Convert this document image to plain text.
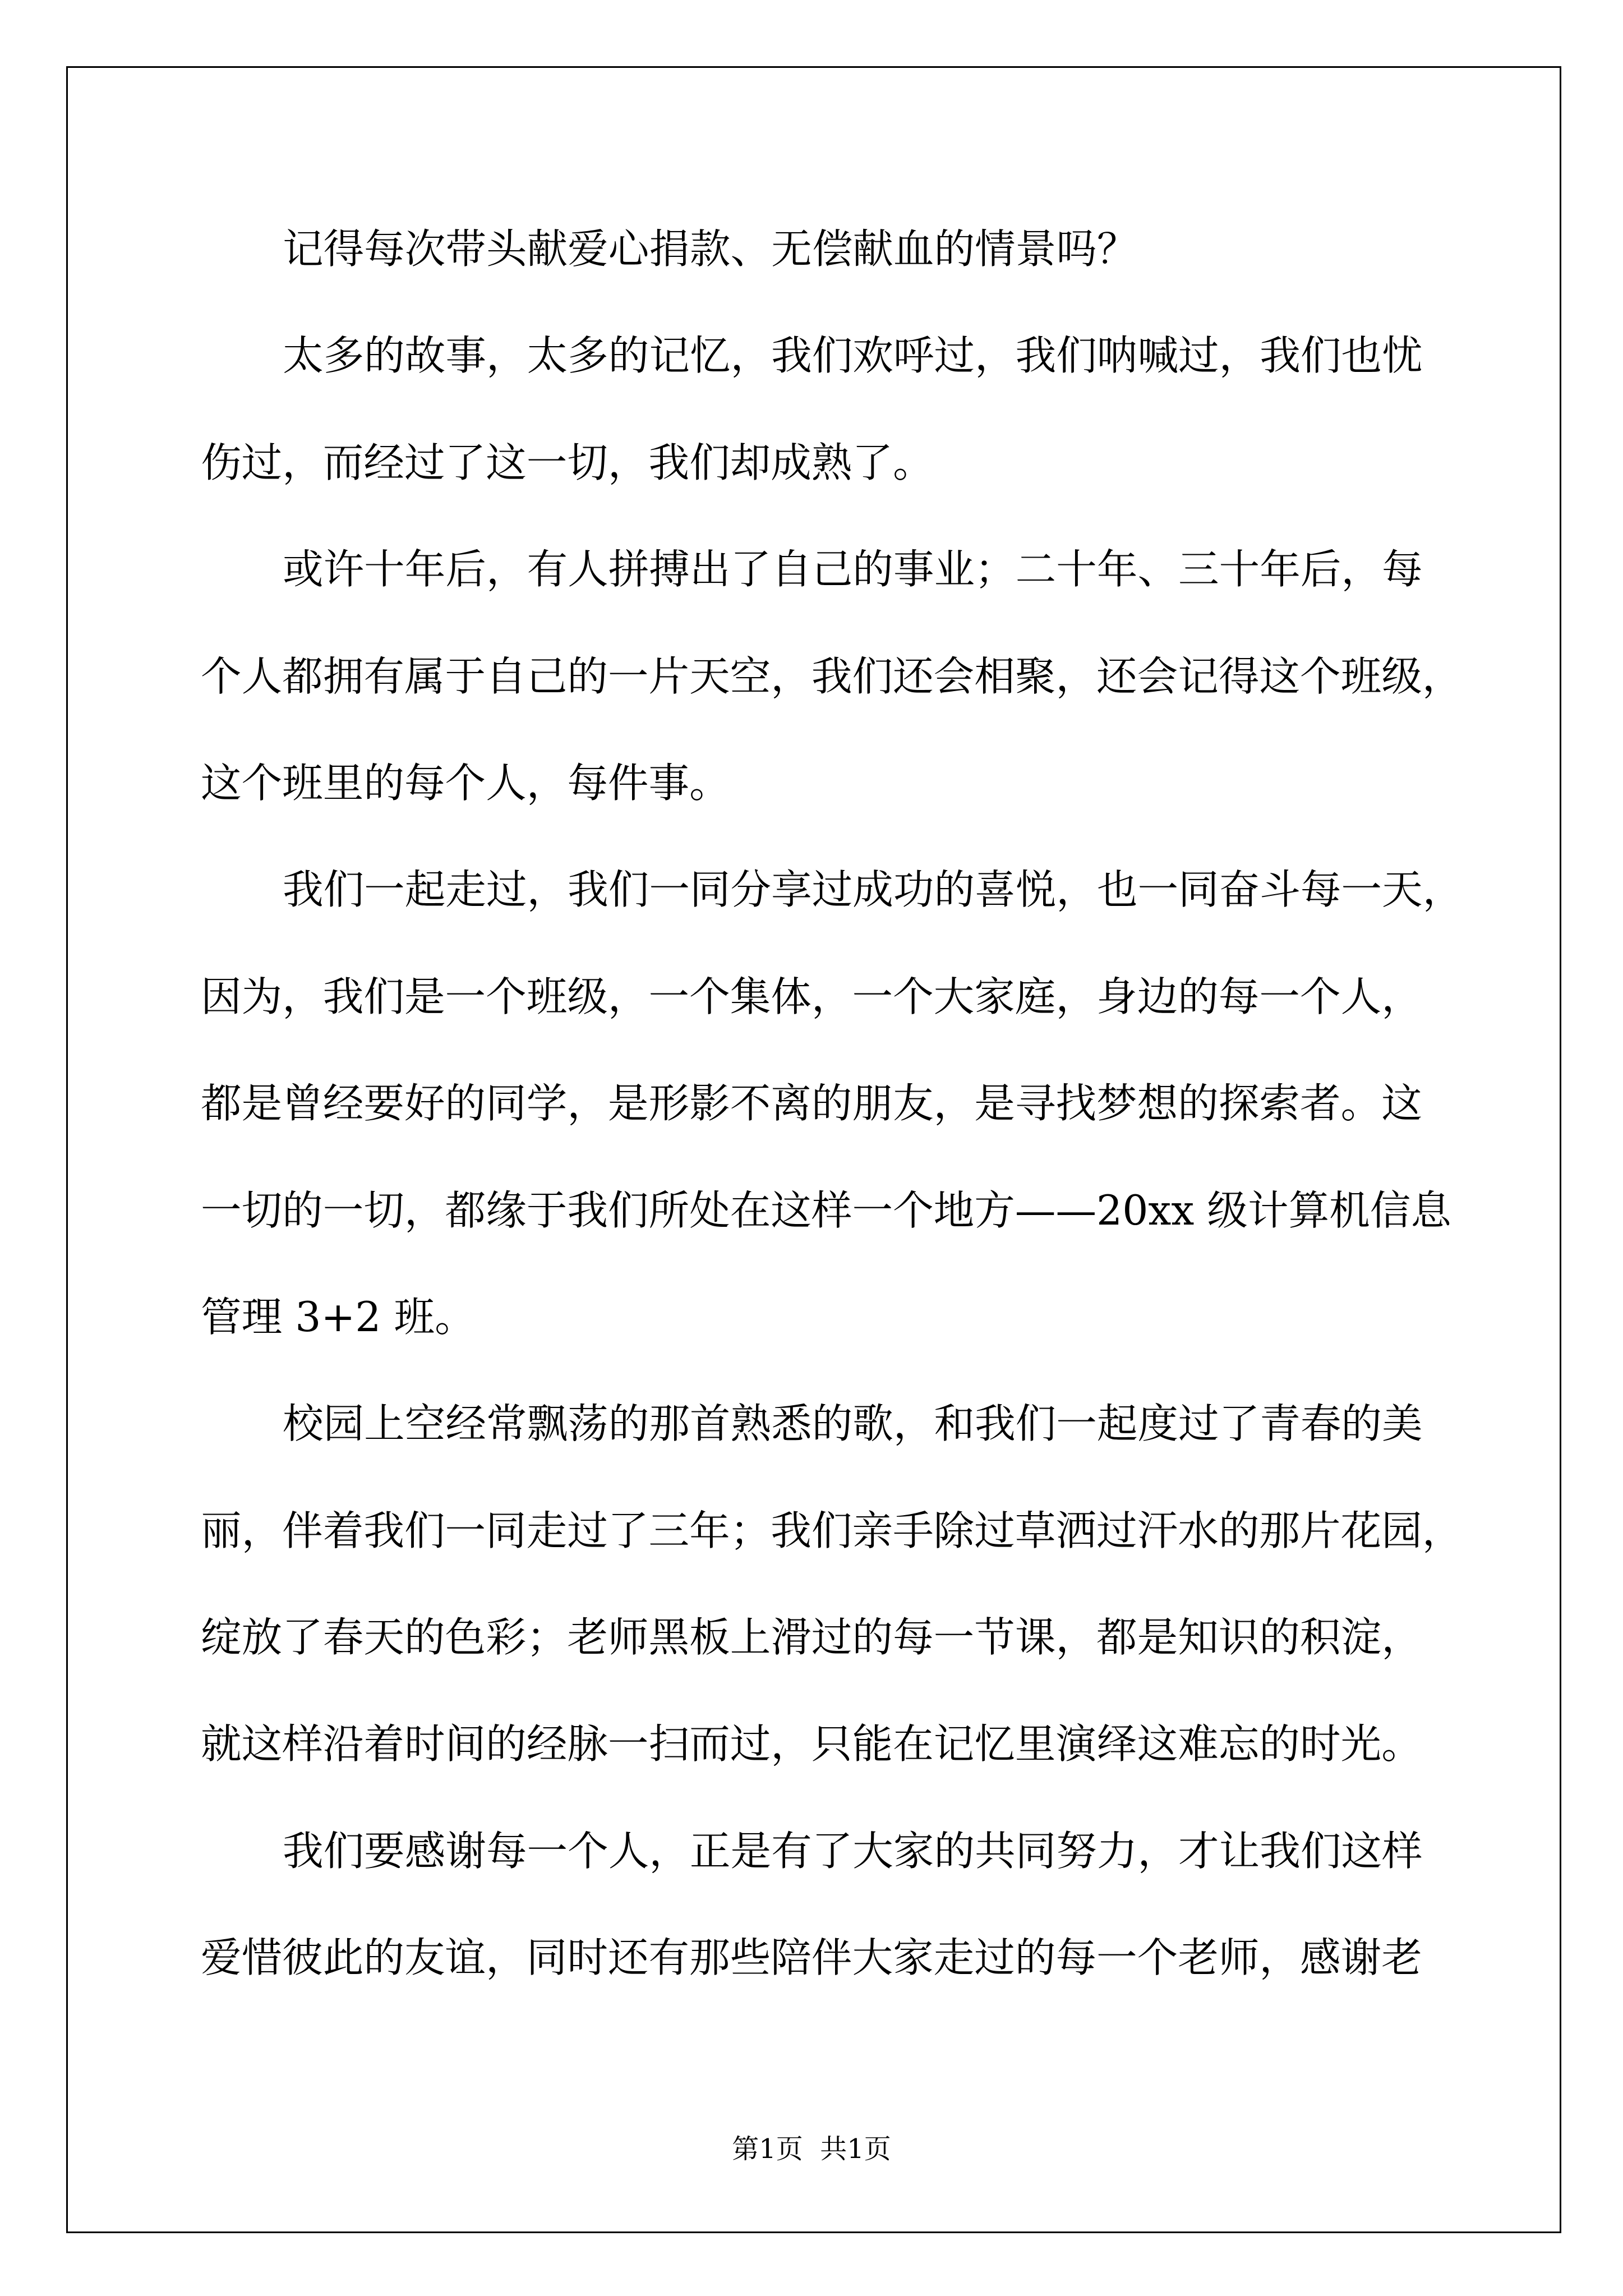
记得每次带头献爱心捐款、无偿献血的情景吗？
太多的故事，太多的记忆，我们欢呼过，我们呐喊过，我们也忧
伤过，而经过了这一切，我们却成熟了。
或许十年后，有人拼搏出了自己的事业；二十年、三十年后，每
个人都拥有属于自己的一片天空，我们还会相聚，还会记得这个班级，
这个班里的每个人，每件事。
我们一起走过，我们一同分享过成功的喜悦，也一同奋斗每一天，
因为，我们是一个班级，一个集体，一个大家庭，身边的每一个人，
都是曾经要好的同学，是形影不离的朋友，是寻找梦想的探索者。这
一切的一切，都缘于我们所处在这样一个地方——20xx 级计算机信息
管理 3+2 班。
校园上空经常飘荡的那首熟悉的歌，和我们一起度过了青春的美
丽，伴着我们一同走过了三年；我们亲手除过草洒过汗水的那片花园，
绽放了春天的色彩；老师黑板上滑过的每一节课，都是知识的积淀，
就这样沿着时间的经脉一扫而过，只能在记忆里演绎这难忘的时光。
我们要感谢每一个人，正是有了大家的共同努力，才让我们这样
爱惜彼此的友谊，同时还有那些陪伴大家走过的每一个老师，感谢老
第1页  共1页
